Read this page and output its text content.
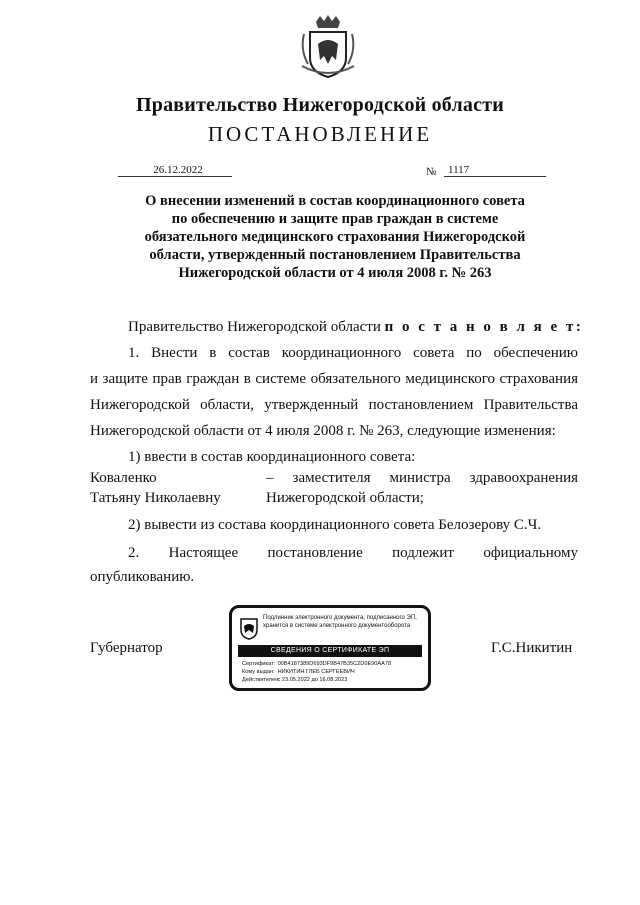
Правительство Нижегородской области
ПОСТАНОВЛЕНИЕ
26.12.2022	№	1117
О внесении изменений в состав координационного совета
по обеспечению и защите прав граждан в системе
обязательного медицинского страхования Нижегородской
области, утвержденный постановлением Правительства
Нижегородской области от 4 июля 2008 г. № 263
Правительство Нижегородской области п о с т а н о в л я е т:
1. Внести в состав координационного совета по обеспечению
и защите прав граждан в системе обязательного медицинского страхования
Нижегородской области, утвержденный постановлением Правительства
Нижегородской области от 4 июля 2008 г. № 263, следующие изменения:
1) ввести в состав координационного совета:
Коваленко
Татьяну Николаевну
– заместителя министра здравоохранения
Нижегородской области;
2) вывести из состава координационного совета Белозерову С.Ч.
2. Настоящее постановление подлежит официальному
опубликованию.
Губернатор	Г.С.Никитин
Подлинник электронного документа, подписанного ЭП,
хранится в системе электронного документооборота
СВЕДЕНИЯ О СЕРТИФИКАТЕ ЭП
Сертификат: 00B4187389D693DF9B47B35C2D0E90AA78
Кому выдан: НИКИТИН ГЛЕБ СЕРГЕЕВИЧ
Действителен: с 23.05.2022 до 16.08.2023
